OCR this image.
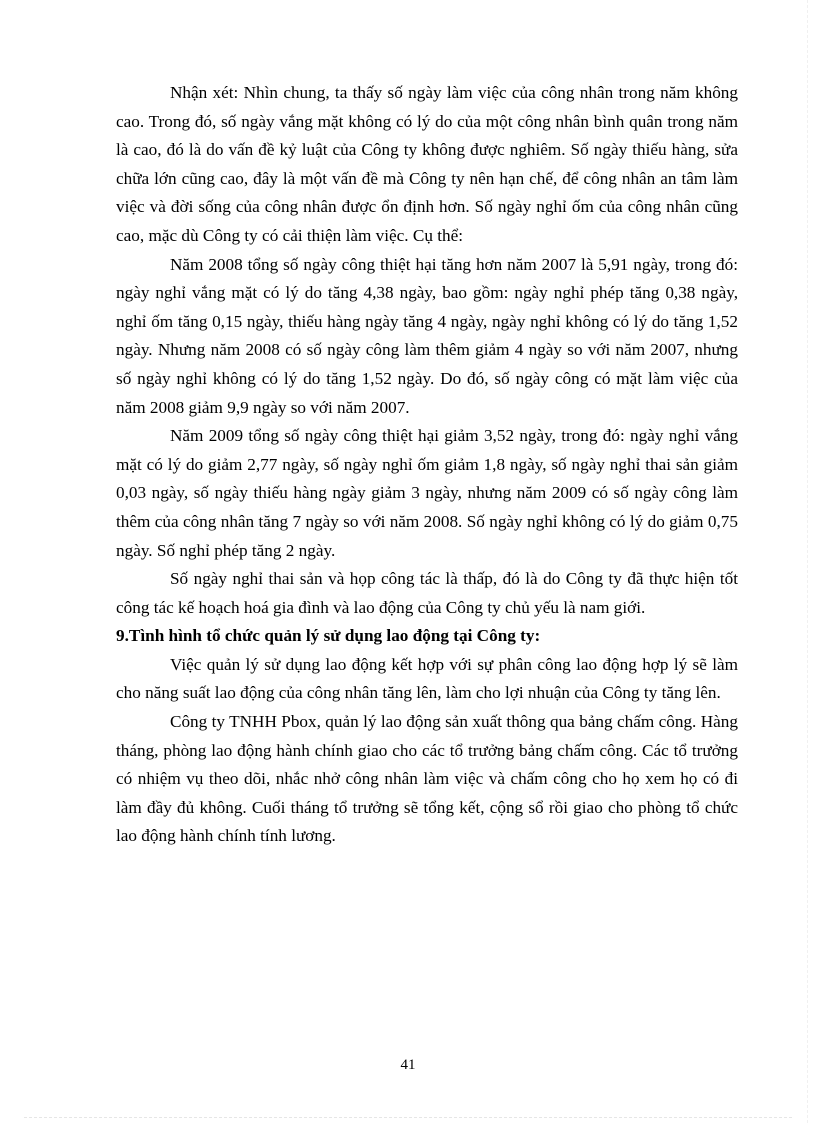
Nhận xét: Nhìn chung, ta thấy số ngày làm việc của công nhân trong năm không cao. Trong đó, số ngày vắng mặt không có lý do của một công nhân bình quân trong năm là cao, đó là do vấn đề kỷ luật của Công ty không được nghiêm. Số ngày thiếu hàng, sửa chữa lớn cũng cao, đây là một vấn đề mà Công ty nên hạn chế, để công nhân an tâm làm việc và đời sống của công nhân được ổn định hơn. Số ngày nghỉ ốm của công nhân cũng cao, mặc dù Công ty có cải thiện làm việc. Cụ thể:

Năm 2008 tổng số ngày công thiệt hại tăng hơn năm 2007 là 5,91 ngày, trong đó: ngày nghỉ vắng mặt có lý do tăng 4,38 ngày, bao gồm: ngày nghỉ phép tăng 0,38 ngày, nghỉ ốm tăng 0,15 ngày, thiếu hàng ngày tăng 4 ngày, ngày nghỉ không có lý do tăng 1,52 ngày. Nhưng năm 2008 có số ngày công làm thêm giảm 4 ngày so với năm 2007, nhưng số ngày nghỉ không có lý do tăng 1,52 ngày. Do đó, số ngày công có mặt làm việc của năm 2008 giảm 9,9 ngày so với năm 2007.

Năm 2009 tổng số ngày công thiệt hại giảm 3,52 ngày, trong đó: ngày nghỉ vắng mặt có lý do giảm 2,77 ngày, số ngày nghỉ ốm giảm 1,8 ngày, số ngày nghỉ thai sản giảm 0,03 ngày, số ngày thiếu hàng ngày giảm 3 ngày, nhưng năm 2009 có số ngày công làm thêm của công nhân tăng 7 ngày so với năm 2008. Số ngày nghỉ không có lý do giảm 0,75 ngày. Số nghỉ phép tăng 2 ngày.

Số ngày nghỉ thai sản và họp công tác là thấp, đó là do Công ty đã thực hiện tốt công tác kế hoạch hoá gia đình và lao động của Công ty chủ yếu là nam giới.

9.Tình hình tổ chức quản lý sử dụng lao động tại Công ty:

Việc quản lý sử dụng lao động kết hợp với sự phân công lao động hợp lý sẽ làm cho năng suất lao động của công nhân tăng lên, làm cho lợi nhuận của Công ty tăng lên.

Công ty TNHH Pbox, quản lý lao động sản xuất thông qua bảng chấm công. Hàng tháng, phòng lao động hành chính giao cho các tổ trưởng bảng chấm công. Các tổ trưởng có nhiệm vụ theo dõi, nhắc nhở công nhân làm việc và chấm công cho họ xem họ có đi làm đầy đủ không. Cuối tháng tổ trưởng sẽ tổng kết, cộng sổ rồi giao cho phòng tổ chức lao động hành chính tính lương.

41
